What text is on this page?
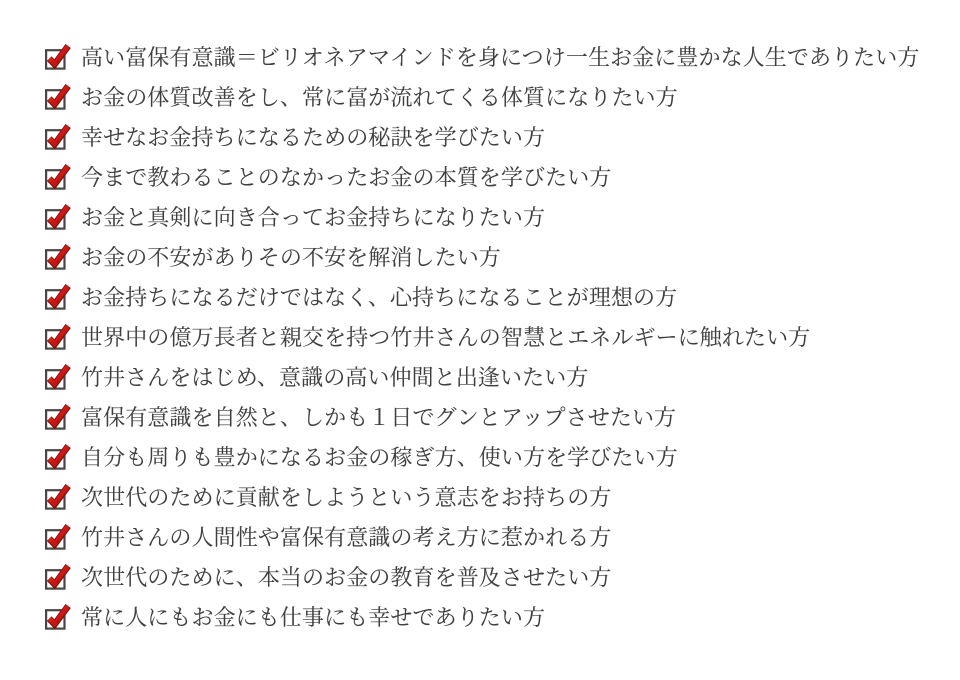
高い富保有意識＝ビリオネアマインドを身につけ一生お金に豊かな人生でありたい方
お金の体質改善をし、常に富が流れてくる体質になりたい方
幸せなお金持ちになるための秘訣を学びたい方
今まで教わることのなかったお金の本質を学びたい方
お金と真剣に向き合ってお金持ちになりたい方
お金の不安がありその不安を解消したい方
お金持ちになるだけではなく、心持ちになることが理想の方
世界中の億万長者と親交を持つ竹井さんの智慧とエネルギーに触れたい方
竹井さんをはじめ、意識の高い仲間と出逢いたい方
富保有意識を自然と、しかも１日でグンとアップさせたい方
自分も周りも豊かになるお金の稼ぎ方、使い方を学びたい方
次世代のために貢献をしようという意志をお持ちの方
竹井さんの人間性や富保有意識の考え方に惹かれる方
次世代のために、本当のお金の教育を普及させたい方
常に人にもお金にも仕事にも幸せでありたい方
